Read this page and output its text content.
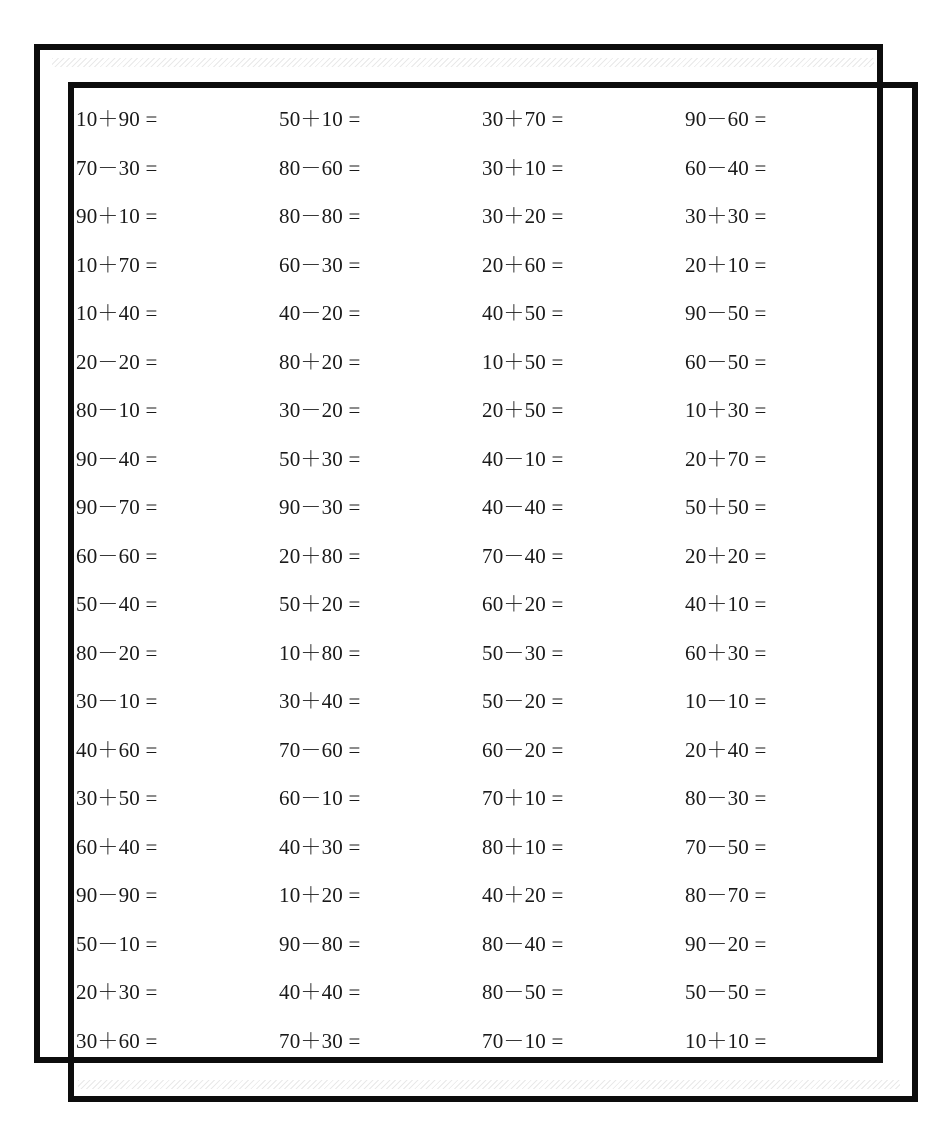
10＋90 =	50＋10 =	30＋70 =	90－60 =
70－30 =	80－60 =	30＋10 =	60－40 =
90＋10 =	80－80 =	30＋20 =	30＋30 =
10＋70 =	60－30 =	20＋60 =	20＋10 =
10＋40 =	40－20 =	40＋50 =	90－50 =
20－20 =	80＋20 =	10＋50 =	60－50 =
80－10 =	30－20 =	20＋50 =	10＋30 =
90－40 =	50＋30 =	40－10 =	20＋70 =
90－70 =	90－30 =	40－40 =	50＋50 =
60－60 =	20＋80 =	70－40 =	20＋20 =
50－40 =	50＋20 =	60＋20 =	40＋10 =
80－20 =	10＋80 =	50－30 =	60＋30 =
30－10 =	30＋40 =	50－20 =	10－10 =
40＋60 =	70－60 =	60－20 =	20＋40 =
30＋50 =	60－10 =	70＋10 =	80－30 =
60＋40 =	40＋30 =	80＋10 =	70－50 =
90－90 =	10＋20 =	40＋20 =	80－70 =
50－10 =	90－80 =	80－40 =	90－20 =
20＋30 =	40＋40 =	80－50 =	50－50 =
30＋60 =	70＋30 =	70－10 =	10＋10 =
